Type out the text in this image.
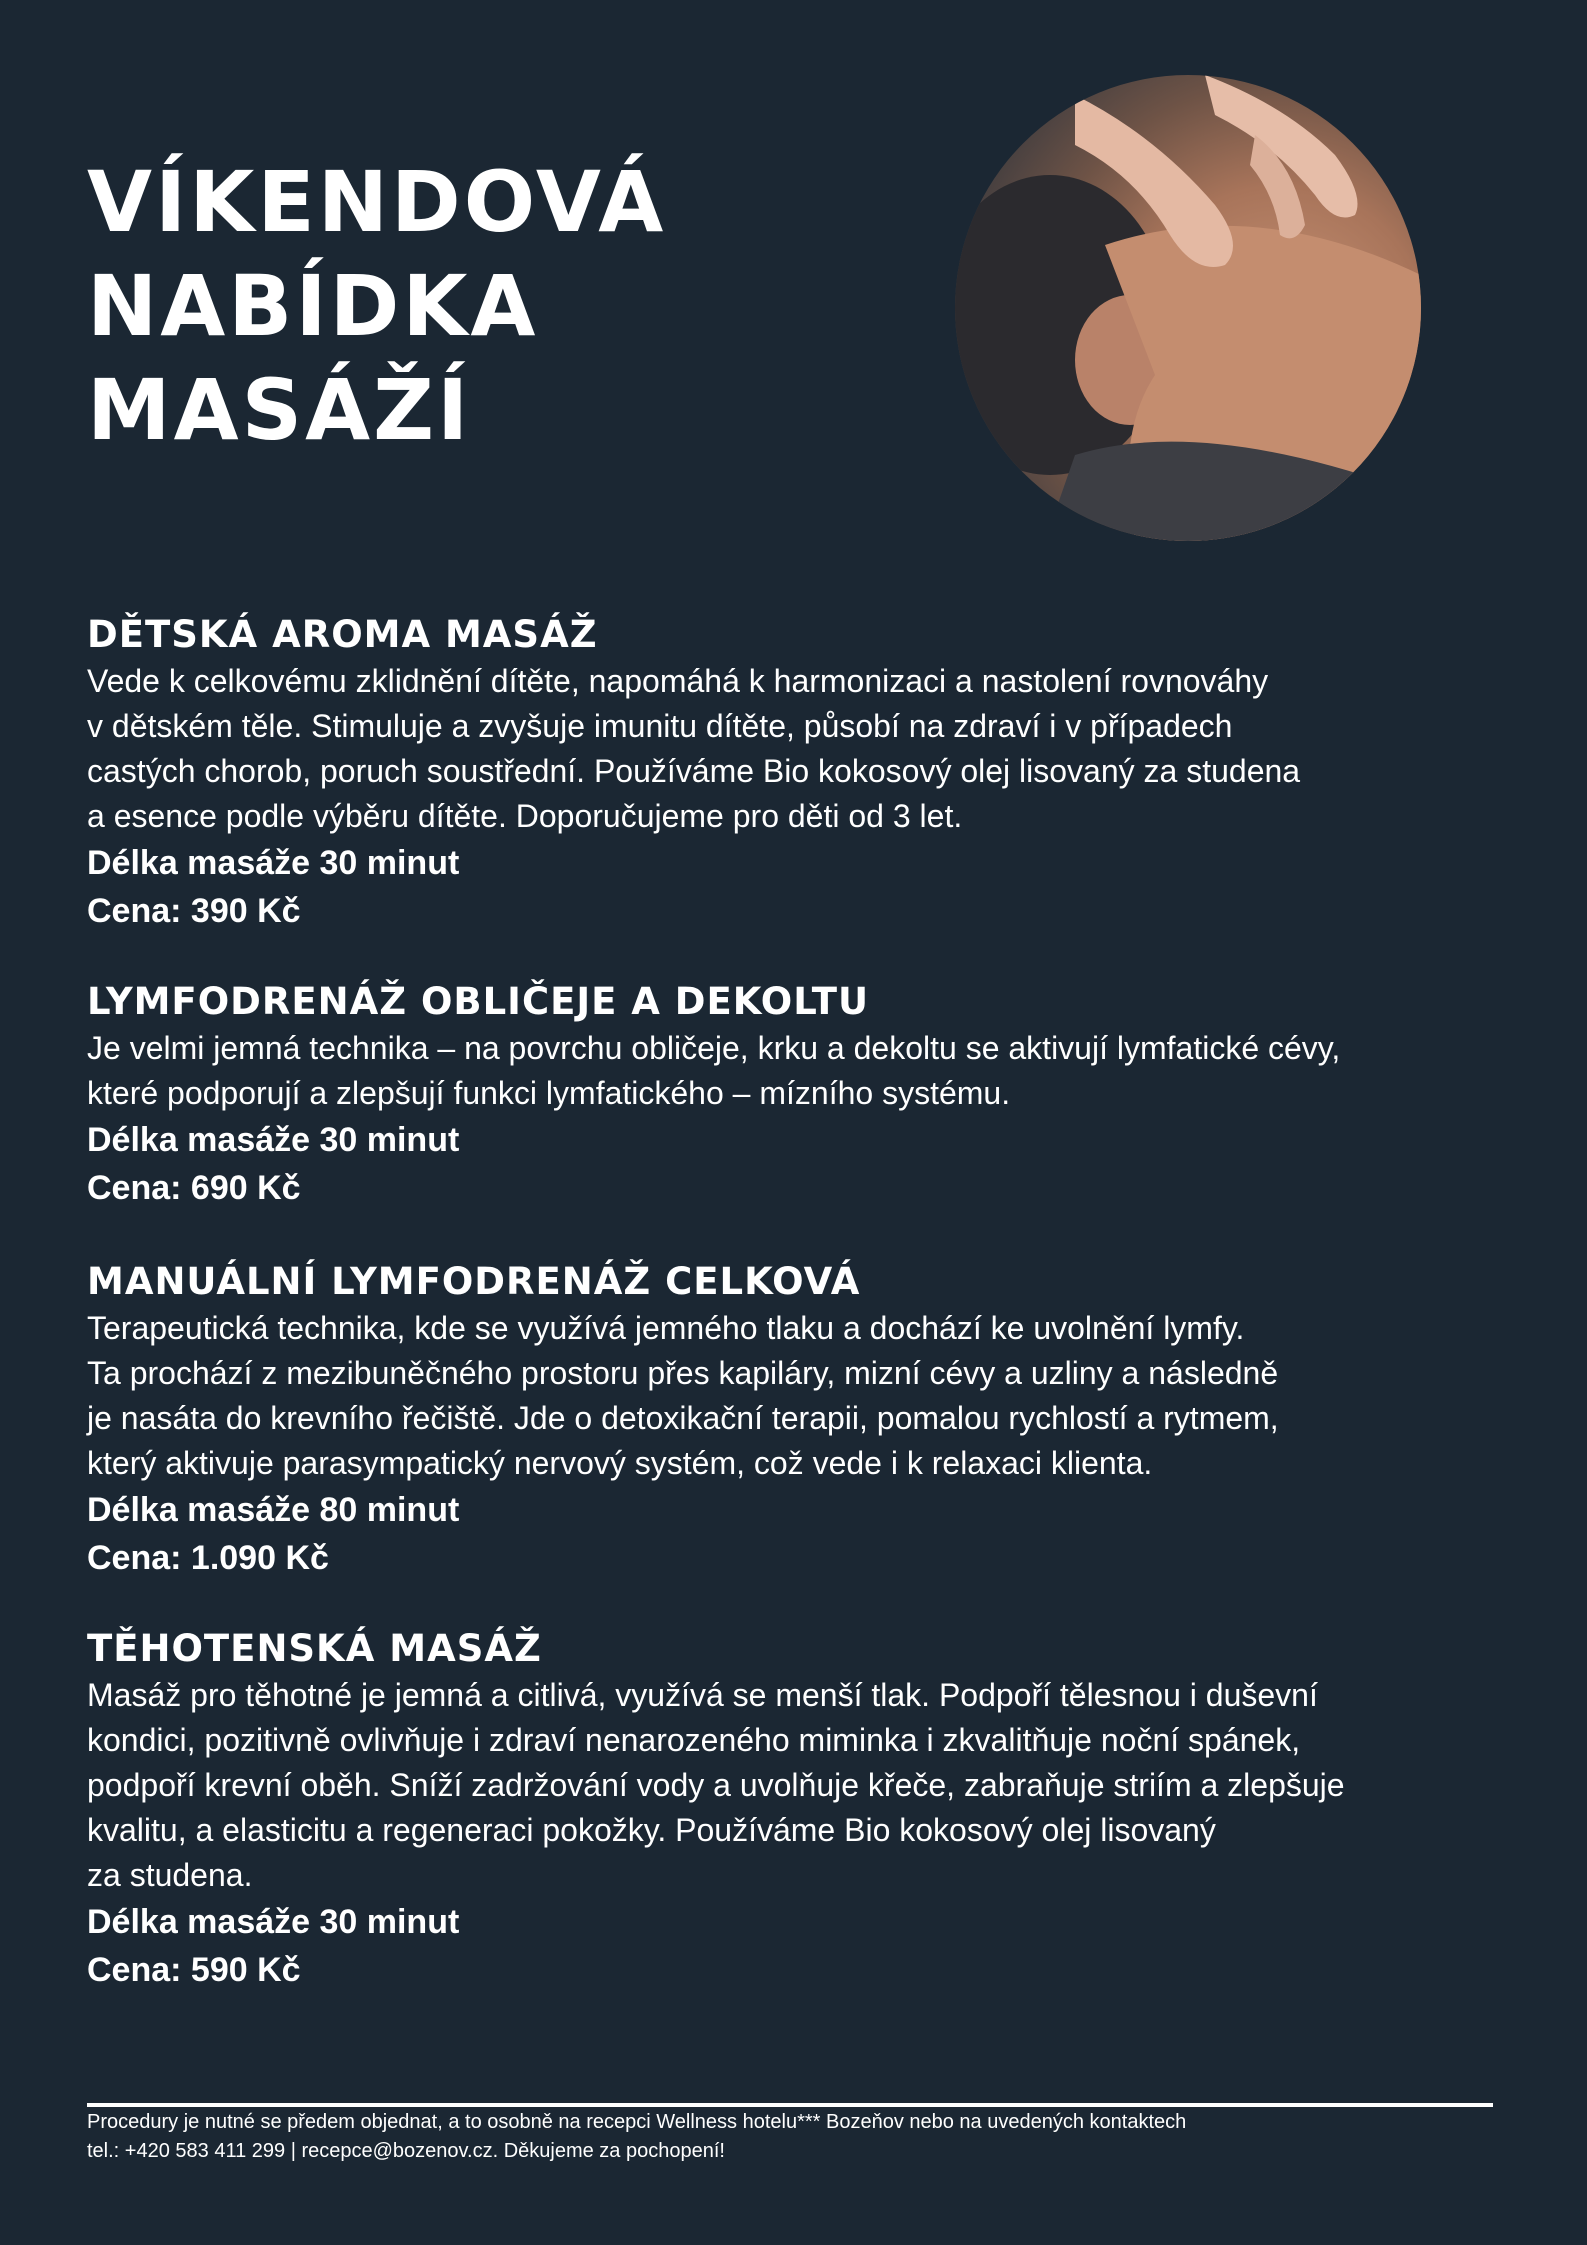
VÍKENDOVÁ
NABÍDKA
MASÁŽÍ
DĚTSKÁ AROMA MASÁŽ

Vede k celkovému zklidnění dítěte, napomáhá k harmonizaci a nastolení rovnováhy
v dětském těle. Stimuluje a zvyšuje imunitu dítěte, působí na zdraví i v případech
castých chorob, poruch soustřední. Používáme Bio kokosový olej lisovaný za studena
a esence podle výběru dítěte. Doporučujeme pro děti od 3 let.

Délka masáže 30 minut

Cena: 390 Kč

LYMFODRENÁŽ OBLIČEJE A DEKOLTU

Je velmi jemná technika – na povrchu obličeje, krku a dekoltu se aktivují lymfatické cévy,
které podporují a zlepšují funkci lymfatického – mízního systému.

Délka masáže 30 minut

Cena: 690 Kč

MANUÁLNÍ LYMFODRENÁŽ CELKOVÁ

Terapeutická technika, kde se využívá jemného tlaku a dochází ke uvolnění lymfy.
Ta prochází z mezibuněčného prostoru přes kapiláry, mizní cévy a uzliny a následně
je nasáta do krevního řečiště. Jde o detoxikační terapii, pomalou rychlostí a rytmem,
který aktivuje parasympatický nervový systém, což vede i k relaxaci klienta.

Délka masáže 80 minut

Cena: 1.090 Kč

TĚHOTENSKÁ MASÁŽ

Masáž pro těhotné je jemná a citlivá, využívá se menší tlak. Podpoří tělesnou i duševní
kondici, pozitivně ovlivňuje i zdraví nenarozeného miminka i zkvalitňuje noční spánek,
podpoří krevní oběh. Sníží zadržování vody a uvolňuje křeče, zabraňuje striím a zlepšuje
kvalitu, a elasticitu a regeneraci pokožky. Používáme Bio kokosový olej lisovaný
za studena.

Délka masáže 30 minut

Cena: 590 Kč

Procedury je nutné se předem objednat, a to osobně na recepci Wellness hotelu*** Bozeňov nebo na uvedených kontaktech
tel.: +420 583 411 299 | recepce@bozenov.cz. Děkujeme za pochopení!
